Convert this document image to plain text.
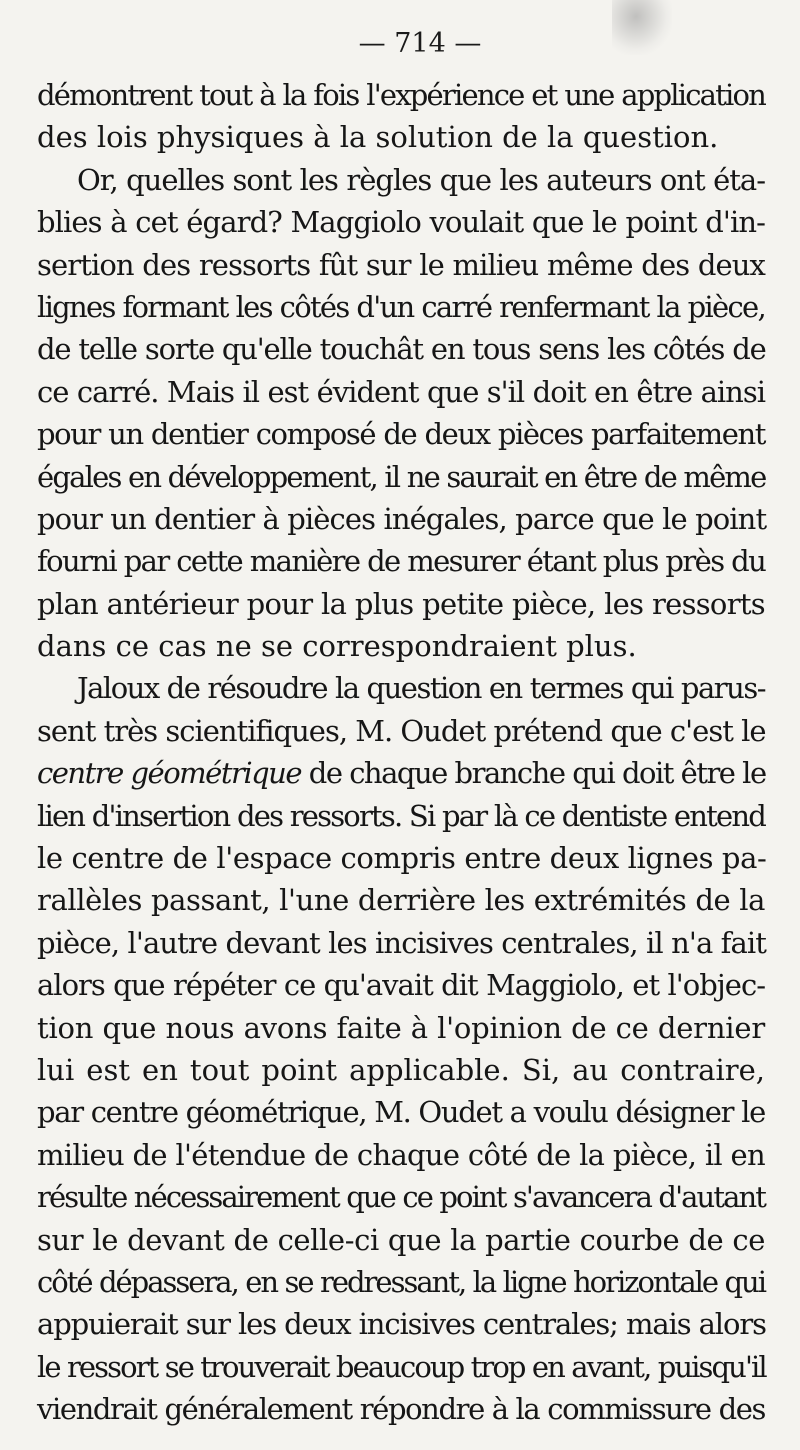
— 714 —
démontrent tout à la fois l'expérience et une application
des lois physiques à la solution de la question.
Or, quelles sont les règles que les auteurs ont éta-
blies à cet égard? Maggiolo voulait que le point d'in-
sertion des ressorts fût sur le milieu même des deux
lignes formant les côtés d'un carré renfermant la pièce,
de telle sorte qu'elle touchât en tous sens les côtés de
ce carré. Mais il est évident que s'il doit en être ainsi
pour un dentier composé de deux pièces parfaitement
égales en développement, il ne saurait en être de même
pour un dentier à pièces inégales, parce que le point
fourni par cette manière de mesurer étant plus près du
plan antérieur pour la plus petite pièce, les ressorts
dans ce cas ne se correspondraient plus.
Jaloux de résoudre la question en termes qui parus-
sent très scientifiques, M. Oudet prétend que c'est le
centre géométrique de chaque branche qui doit être le
lien d'insertion des ressorts. Si par là ce dentiste entend
le centre de l'espace compris entre deux lignes pa-
rallèles passant, l'une derrière les extrémités de la
pièce, l'autre devant les incisives centrales, il n'a fait
alors que répéter ce qu'avait dit Maggiolo, et l'objec-
tion que nous avons faite à l'opinion de ce dernier
lui est en tout point applicable. Si, au contraire,
par centre géométrique, M. Oudet a voulu désigner le
milieu de l'étendue de chaque côté de la pièce, il en
résulte nécessairement que ce point s'avancera d'autant
sur le devant de celle-ci que la partie courbe de ce
côté dépassera, en se redressant, la ligne horizontale qui
appuierait sur les deux incisives centrales; mais alors
le ressort se trouverait beaucoup trop en avant, puisqu'il
viendrait généralement répondre à la commissure des
